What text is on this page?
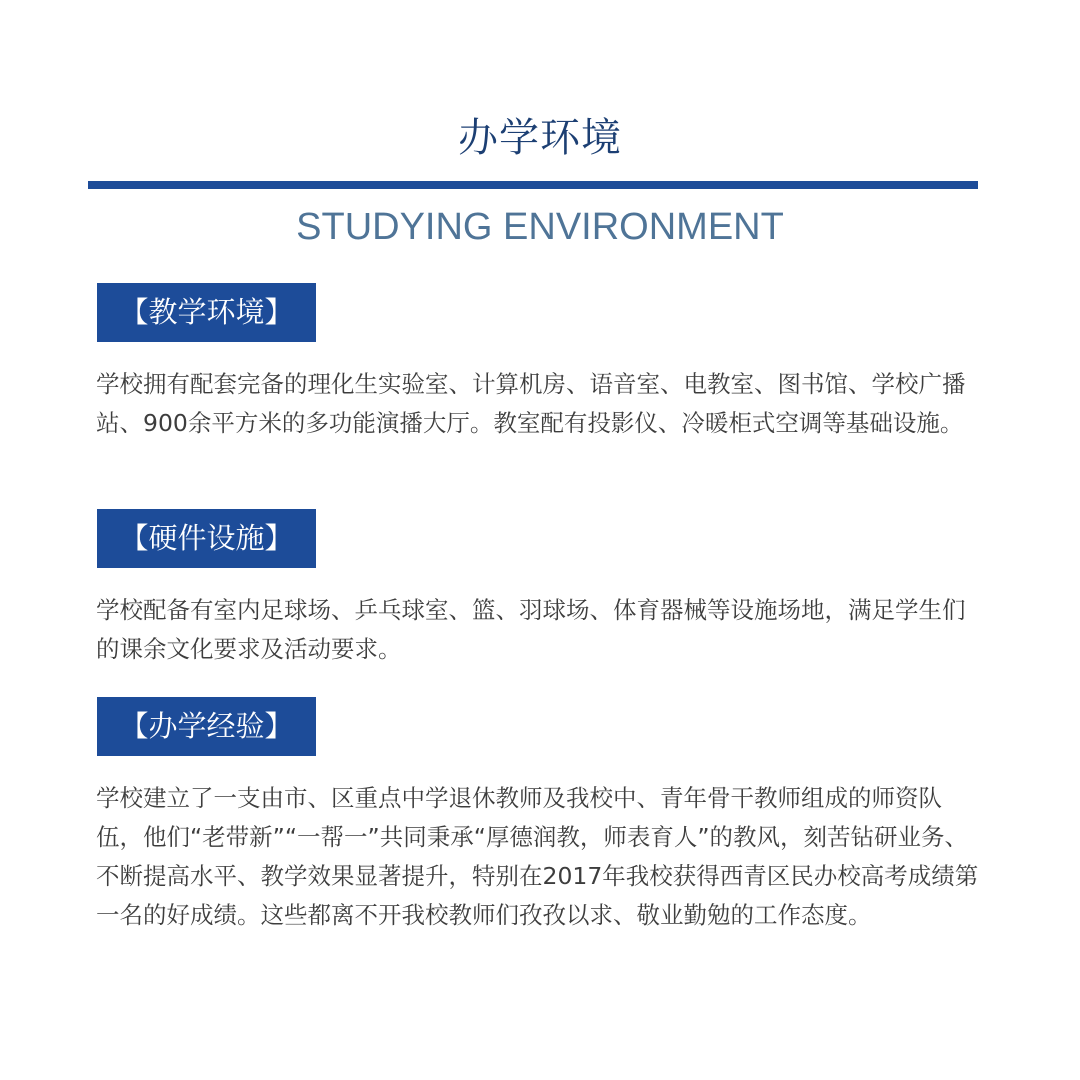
办学环境
STUDYING ENVIRONMENT
【教学环境】

学校拥有配套完备的理化生实验室、计算机房、语音室、电教室、图书馆、学校广播站、900余平方米的多功能演播大厅。教室配有投影仪、冷暖柜式空调等基础设施。

【硬件设施】

学校配备有室内足球场、乒乓球室、篮、羽球场、体育器械等设施场地，满足学生们的课余文化要求及活动要求。

【办学经验】

学校建立了一支由市、区重点中学退休教师及我校中、青年骨干教师组成的师资队伍，他们“老带新”“一帮一”共同秉承“厚德润教，师表育人”的教风，刻苦钻研业务、不断提高水平、教学效果显著提升，特别在2017年我校获得西青区民办校高考成绩第一名的好成绩。这些都离不开我校教师们孜孜以求、敬业勤勉的工作态度。
